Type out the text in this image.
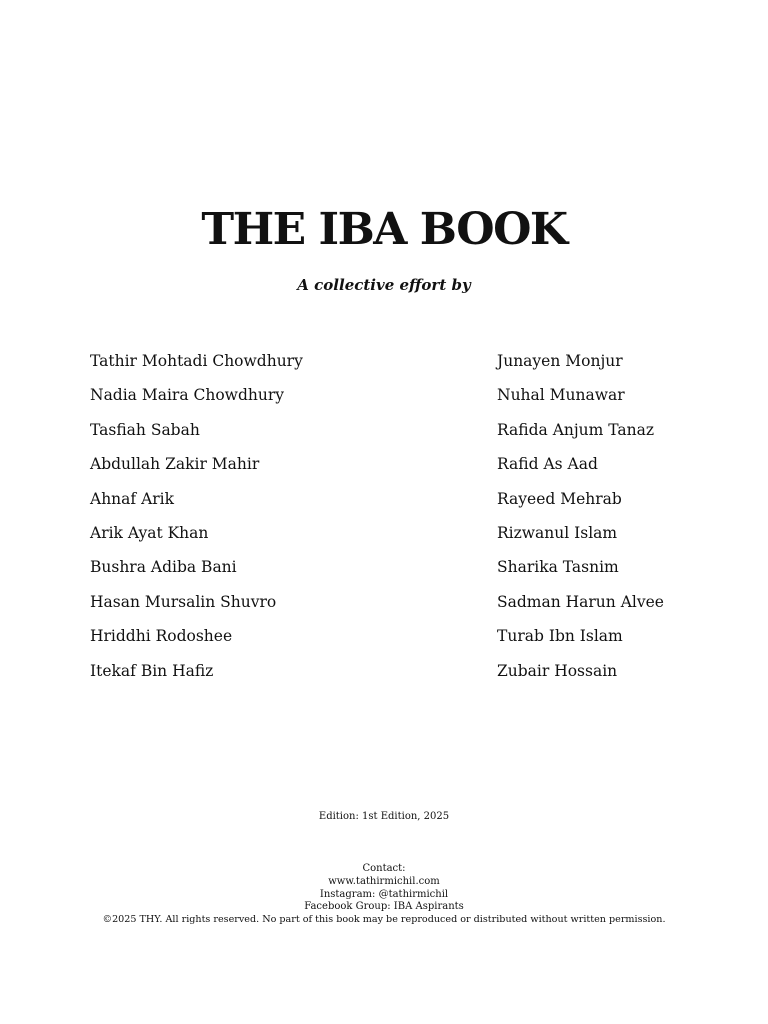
THE IBA BOOK

A collective effort by

Tathir Mohtadi Chowdhury
Nadia Maira Chowdhury
Tasfiah Sabah
Abdullah Zakir Mahir
Ahnaf Arik
Arik Ayat Khan
Bushra Adiba Bani
Hasan Mursalin Shuvro
Hriddhi Rodoshee
Itekaf Bin Hafiz
Junayen Monjur
Nuhal Munawar
Rafida Anjum Tanaz
Rafid As Aad
Rayeed Mehrab
Rizwanul Islam
Sharika Tasnim
Sadman Harun Alvee
Turab Ibn Islam
Zubair Hossain
Edition: 1st Edition, 2025
Contact:
www.tathirmichil.com
Instagram: @tathirmichil
Facebook Group: IBA Aspirants
©2025 THY. All rights reserved. No part of this book may be reproduced or distributed without written permission.
